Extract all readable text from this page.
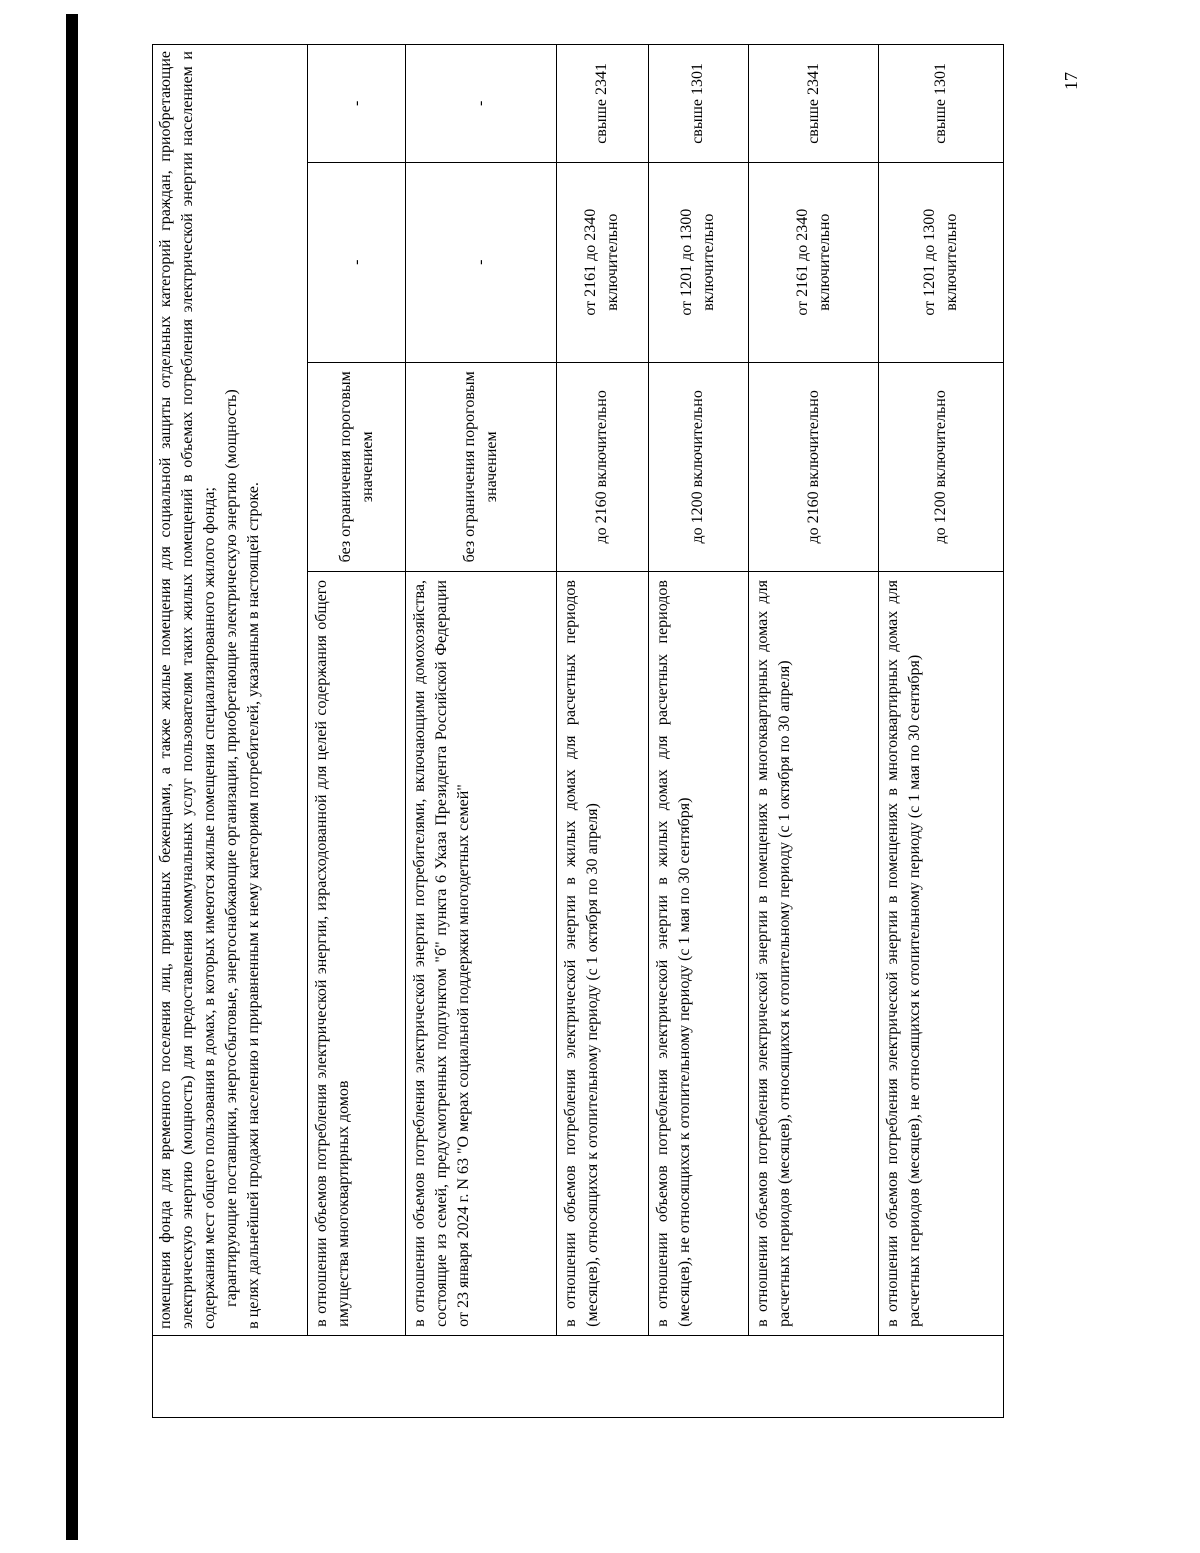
17

	помещения фонда для временного поселения лиц, признанных беженцами, а также жилые помещения для социальной защиты отдельных категорий граждан, приобретающие электрическую энергию (мощность) для предоставления коммунальных услуг пользователям таких жилых помещений в объемах потребления электрической энергии населением и содержания мест общего пользования в домах, в которых имеются жилые помещения специализированного жилого фонда; гарантирующие поставщики, энергосбытовые, энергоснабжающие организации, приобретающие электрическую энергию (мощность) в целях дальнейшей продажи населению и приравненным к нему категориям потребителей, указанным в настоящей строке.			

	в отношении объемов потребления электрической энергии, израсходованной для целей содержания общего имущества многоквартирных домов	без ограничения пороговым значением	-	-
	в отношении объемов потребления электрической энергии потребителями, включающими домохозяйства, состоящие из семей, предусмотренных подпунктом "б" пункта 6 Указа Президента Российской Федерации от 23 января 2024 г. N 63 "О мерах социальной поддержки многодетных семей"	без ограничения пороговым значением	-	-
	в отношении объемов потребления электрической энергии в жилых домах для расчетных периодов (месяцев), относящихся к отопительному периоду (с 1 октября по 30 апреля)	до 2160 включительно	от 2161 до 2340 включительно	свыше 2341
	в отношении объемов потребления электрической энергии в жилых домах для расчетных периодов (месяцев), не относящихся к отопительному периоду (с 1 мая по 30 сентября)	до 1200 включительно	от 1201 до 1300 включительно	свыше 1301
	в отношении объемов потребления электрической энергии в помещениях в многоквартирных домах для расчетных периодов (месяцев), относящихся к отопительному периоду (с 1 октября по 30 апреля)	до 2160 включительно	от 2161 до 2340 включительно	свыше 2341
	в отношении объемов потребления электрической энергии в помещениях в многоквартирных домах для расчетных периодов (месяцев), не относящихся к отопительному периоду (с 1 мая по 30 сентября)	до 1200 включительно	от 1201 до 1300 включительно	свыше 1301
